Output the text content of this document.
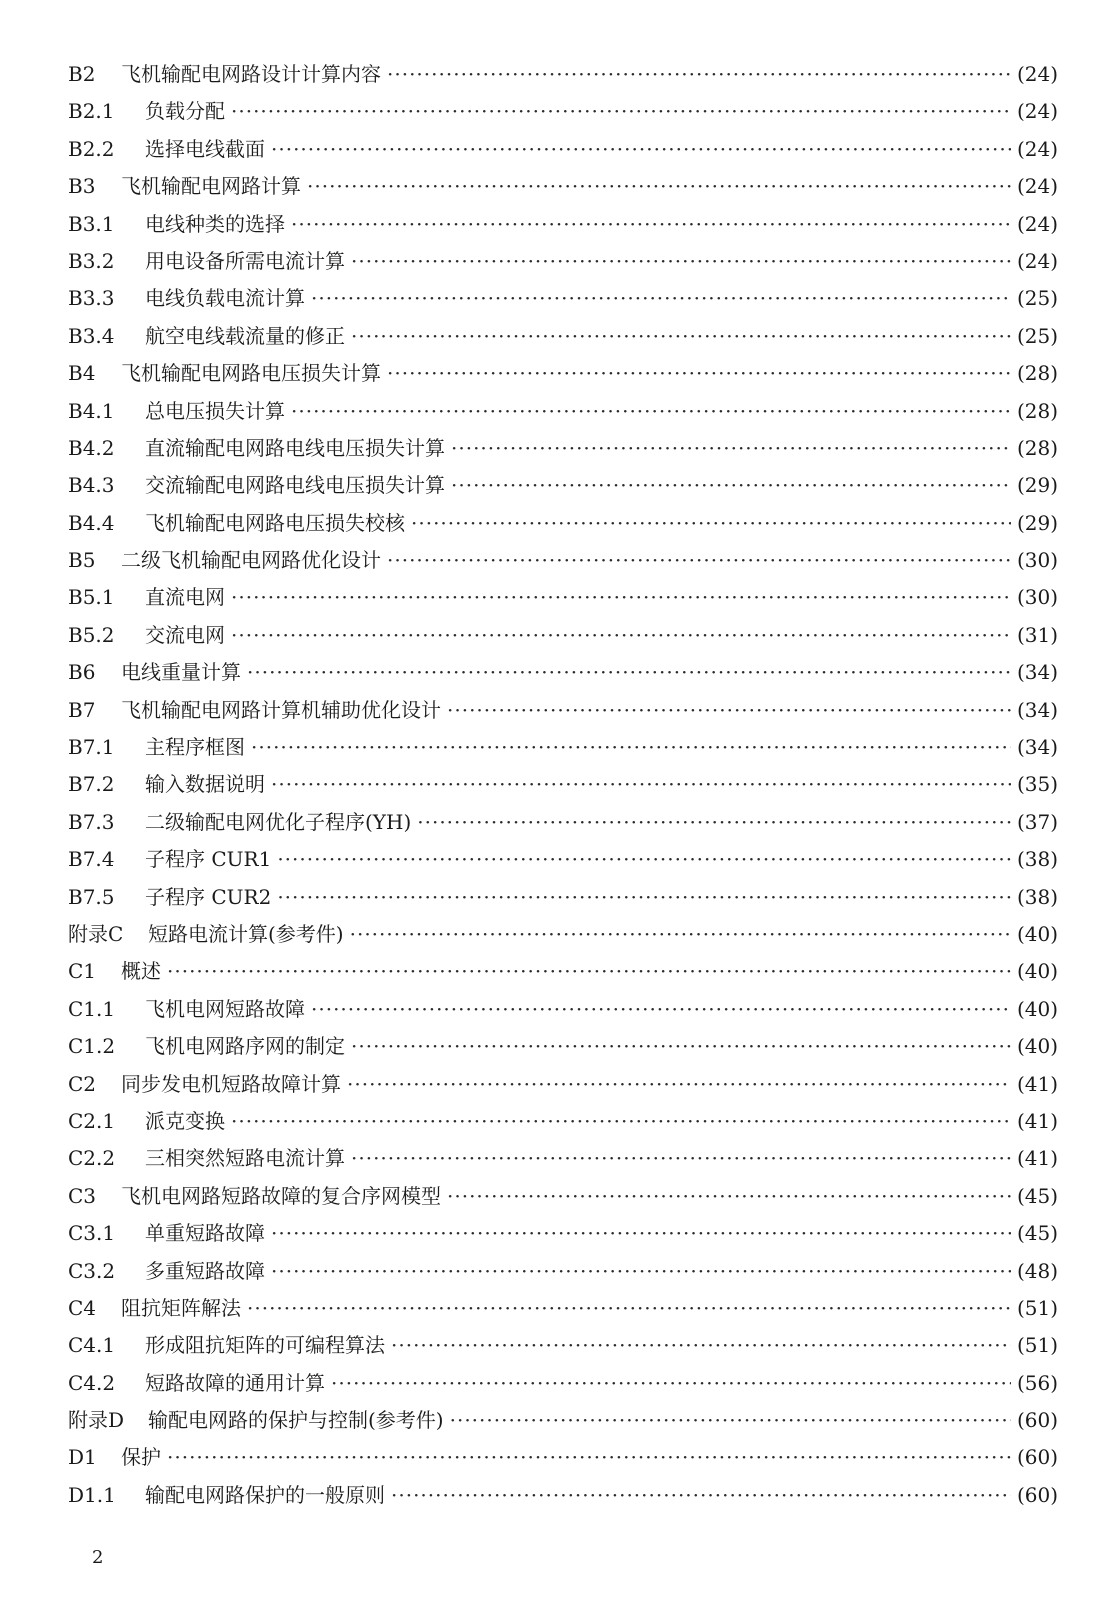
B2	飞机输配电网路设计计算内容 ·····	(24)
B2.1	负载分配 ·····	(24)
B2.2	选择电线截面 ·····	(24)
B3	飞机输配电网路计算 ·····	(24)
B3.1	电线种类的选择 ·····	(24)
B3.2	用电设备所需电流计算 ·····	(24)
B3.3	电线负载电流计算 ·····	(25)
B3.4	航空电线载流量的修正 ·····	(25)
B4	飞机输配电网路电压损失计算 ·····	(28)
B4.1	总电压损失计算 ·····	(28)
B4.2	直流输配电网路电线电压损失计算 ·····	(28)
B4.3	交流输配电网路电线电压损失计算 ·····	(29)
B4.4	飞机输配电网路电压损失校核 ·····	(29)
B5	二级飞机输配电网路优化设计 ·····	(30)
B5.1	直流电网 ·····	(30)
B5.2	交流电网 ·····	(31)
B6	电线重量计算 ·····	(34)
B7	飞机输配电网路计算机辅助优化设计 ·····	(34)
B7.1	主程序框图 ·····	(34)
B7.2	输入数据说明 ·····	(35)
B7.3	二级输配电网优化子程序(YH) ·····	(37)
B7.4	子程序 CUR1 ·····	(38)
B7.5	子程序 CUR2 ·····	(38)
附录C	短路电流计算(参考件) ·····	(40)
C1	概述 ·····	(40)
C1.1	飞机电网短路故障 ·····	(40)
C1.2	飞机电网路序网的制定 ·····	(40)
C2	同步发电机短路故障计算 ·····	(41)
C2.1	派克变换 ·····	(41)
C2.2	三相突然短路电流计算 ·····	(41)
C3	飞机电网路短路故障的复合序网模型 ·····	(45)
C3.1	单重短路故障 ·····	(45)
C3.2	多重短路故障 ·····	(48)
C4	阻抗矩阵解法 ·····	(51)
C4.1	形成阻抗矩阵的可编程算法 ·····	(51)
C4.2	短路故障的通用计算 ·····	(56)
附录D	输配电网路的保护与控制(参考件) ·····	(60)
D1	保护 ·····	(60)
D1.1	输配电网路保护的一般原则 ·····	(60)
2
